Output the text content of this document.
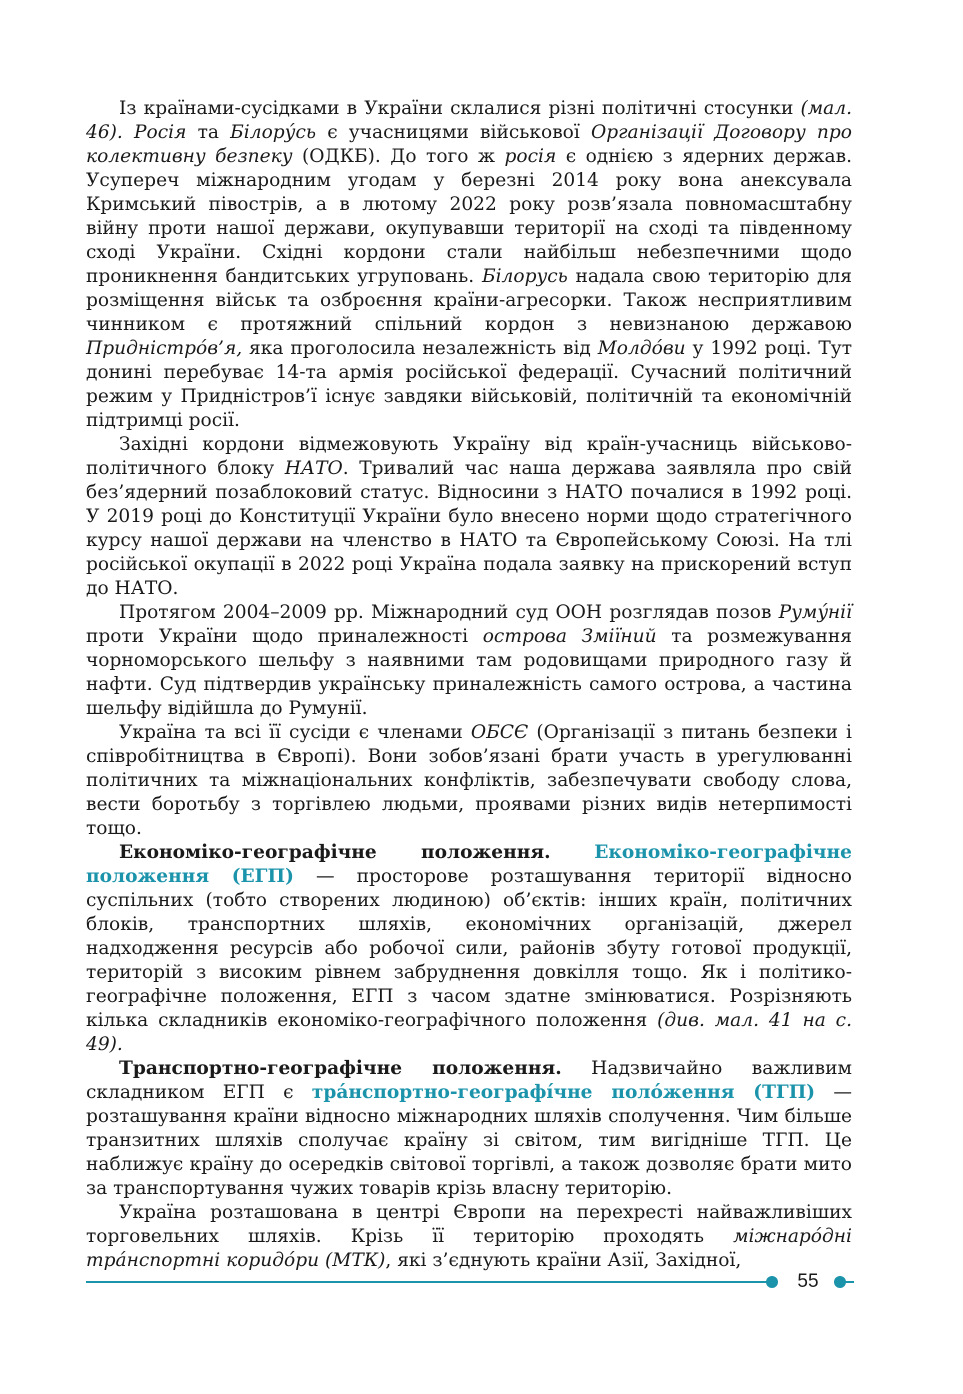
Із країнами-сусідками в України склалися різні політичні стосунки (мал. 46). Росія та Білору́сь є учасницями військової Організації Договору про колективну безпеку (ОДКБ). До того ж росія є однією з ядерних держав. Усупереч міжнародним угодам у березні 2014 року вона анексувала Кримський півострів, а в лютому 2022 року розв’язала повномасштабну війну проти нашої держави, окупувавши території на сході та південному сході України. Східні кордони стали найбільш небезпечними щодо проникнення бандитських угруповань. Білорусь надала свою територію для розміщення військ та озброєння країни-агресорки. Також несприятливим чинником є протяжний спільний кордон з невизнаною державою Придністро́в’я, яка проголосила незалежність від Молдо́ви у 1992 році. Тут донині перебуває 14-та армія російської федерації. Сучасний політичний режим у Придністров’ї існує завдяки військовій, політичній та економічній підтримці росії.

Західні кордони відмежовують Україну від країн-учасниць військово-політичного блоку НАТО. Тривалий час наша держава заявляла про свій без’ядерний позаблоковий статус. Відносини з НАТО почалися в 1992 році. У 2019 році до Конституції України було внесено норми щодо стратегічного курсу нашої держави на членство в НАТО та Європейському Союзі. На тлі російської окупації в 2022 році Україна подала заявку на прискорений вступ до НАТО.

Протягом 2004–2009 рр. Міжнародний суд ООН розглядав позов Румýнії проти України щодо приналежності острова Зміїний та розмежування чорноморського шельфу з наявними там родовищами природного газу й нафти. Суд підтвердив українську приналежність самого острова, а частина шельфу відійшла до Румунії.

Україна та всі її сусіди є членами ОБСЄ (Організації з питань безпеки і співробітництва в Європі). Вони зобов’язані брати участь в урегулюванні політичних та міжнаціональних конфліктів, забезпечувати свободу слова, вести боротьбу з торгівлею людьми, проявами різних видів нетерпимості тощо.

Економіко-географічне положення. Економіко-географічне положення (ЕГП) — просторове розташування території відносно суспільних (тобто створених людиною) об’єктів: інших країн, політичних блоків, транспортних шляхів, економічних організацій, джерел надходження ресурсів або робочої сили, районів збуту готової продукції, територій з високим рівнем забруднення довкілля тощо. Як і політико-географічне положення, ЕГП з часом здатне змінюватися. Розрізняють кілька складників економіко-географічного положення (див. мал. 41 на с. 49).

Транспортно-географічне положення. Надзвичайно важливим складником ЕГП є тра́нспортно-географі́чне поло́ження (ТГП) — розташування країни відносно міжнародних шляхів сполучення. Чим більше транзитних шляхів сполучає країну зі світом, тим вигідніше ТГП. Це наближує країну до осередків світової торгівлі, а також дозволяє брати мито за транспортування чужих товарів крізь власну територію.

Україна розташована в центрі Європи на перехресті найважливіших торговельних шляхів. Крізь її територію проходять міжнаро́дні тра́нспортні коридо́ри (МТК), які з’єднують країни Азії, Західної,

55
